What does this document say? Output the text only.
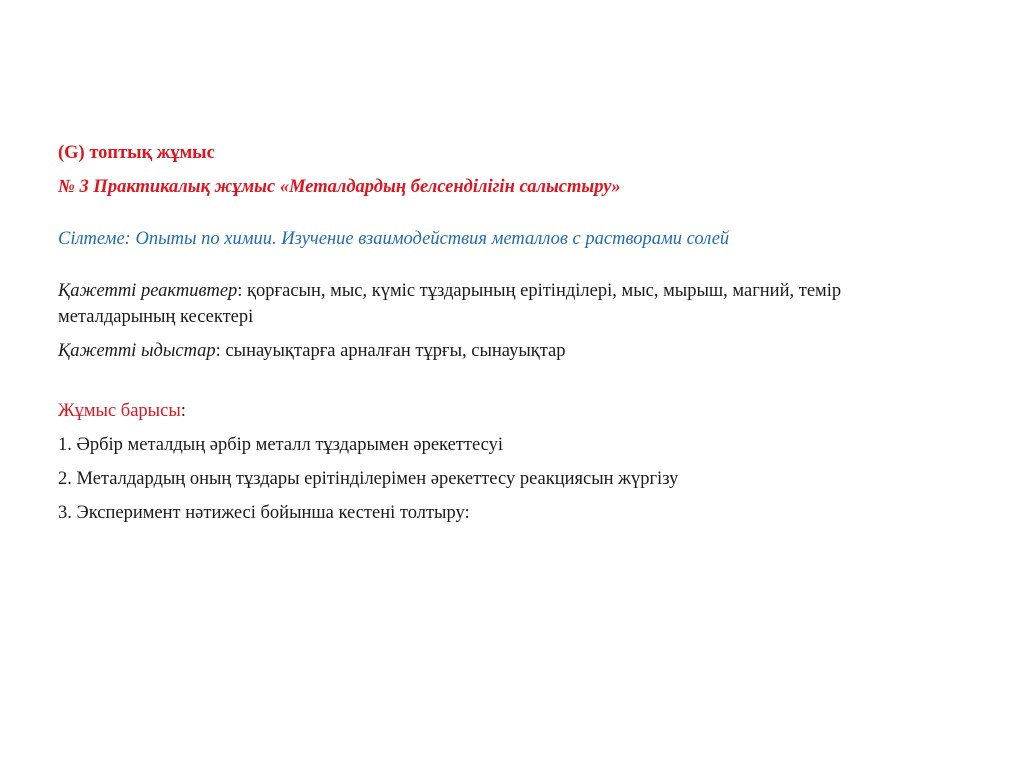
(G) топтық жұмыс
№ 3 Практикалық жұмыс «Металдардың белсенділігін салыстыру»
Сілтеме: Опыты по химии. Изучение взаимодействия металлов с растворами солей
Қажетті реактивтер: қорғасын, мыс, күміс тұздарының ерітінділері, мыс, мырыш, магний, темір металдарының кесектері
Қажетті ыдыстар: сынауықтарға арналған тұрғы, сынауықтар
Жұмыс барысы:
1. Әрбір металдың әрбір металл тұздарымен әрекеттесуі
2. Металдардың оның тұздары ерітінділерімен әрекеттесу реакциясын жүргізу
3. Эксперимент нәтижесі бойынша кестені толтыру:
